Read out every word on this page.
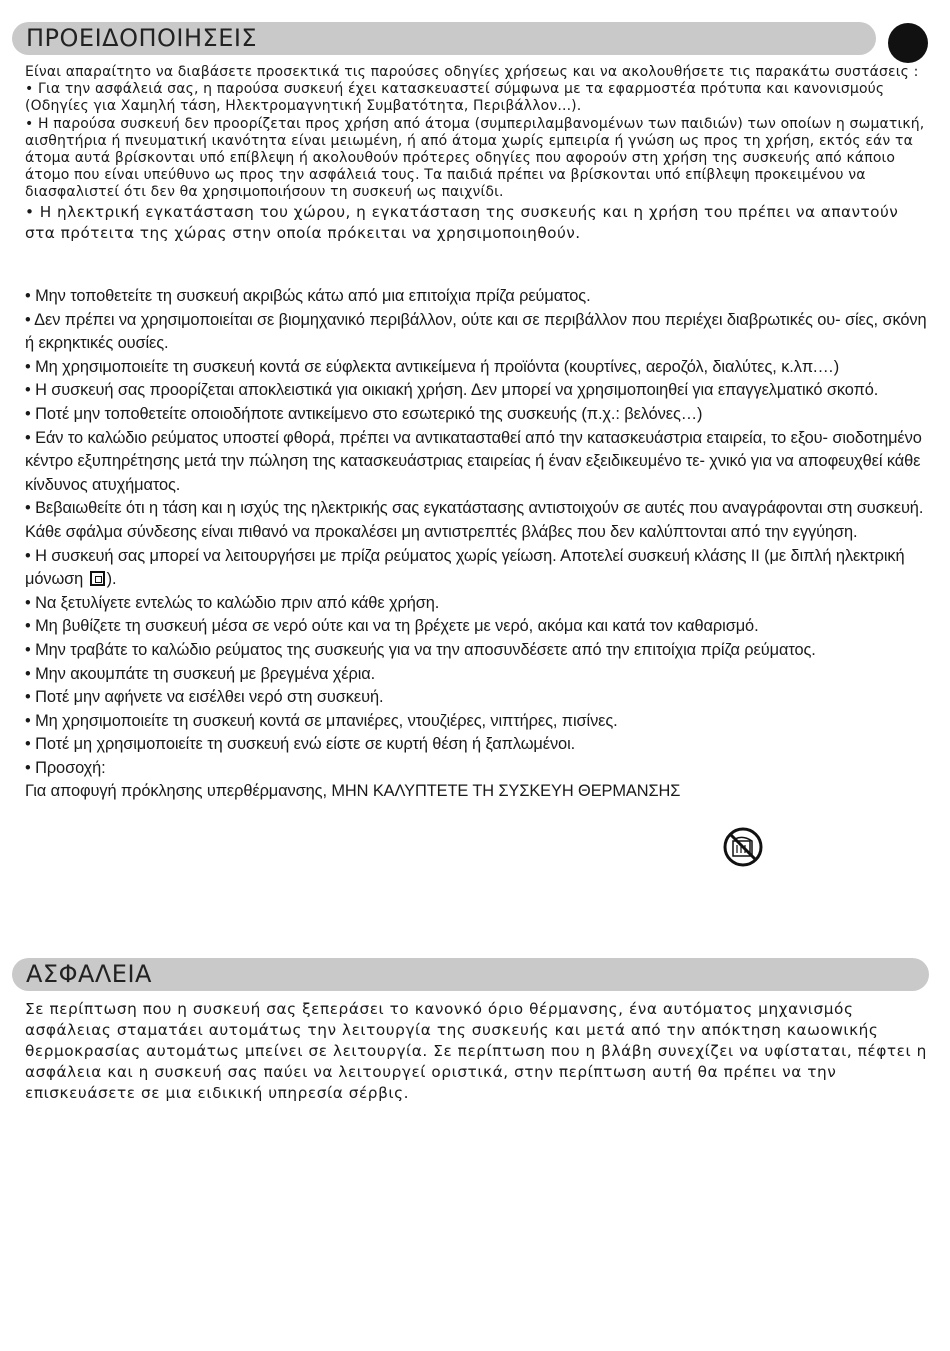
ΠΡΟΕΙΔΟΠΟΙΗΣΕΙΣ

Είναι απαραίτητο να διαβάσετε προσεκτικά τις παρούσες οδηγίες χρήσεως και να ακολουθήσετε τις παρακάτω συστάσεις :

• Για την ασφάλειά σας, η παρούσα συσκευή έχει κατασκευαστεί σύμφωνα με τα εφαρμοστέα πρότυπα και κανονισμούς (Οδηγίες για Χαμηλή τάση, Ηλεκτρομαγνητική Συμβατότητα, Περιβάλλον...).

• Η παρούσα συσκευή δεν προορίζεται προς χρήση από άτομα (συμπεριλαμβανομένων των παιδιών) των οποίων η σωματική, αισθητήρια ή πνευματική ικανότητα είναι μειωμένη, ή από άτομα χωρίς εμπειρία ή γνώση ως προς τη χρήση, εκτός εάν τα άτομα αυτά βρίσκονται υπό επίβλεψη ή ακολουθούν πρότερες οδηγίες που αφορούν στη χρήση της συσκευής από κάποιο άτομο που είναι υπεύθυνο ως προς την ασφάλειά τους. Τα παιδιά πρέπει να βρίσκονται υπό επίβλεψη προκειμένου να διασφαλιστεί ότι δεν θα χρησιμοποιήσουν τη συσκευή ως παιχνίδι.

• Η ηλεκτρική εγκατάσταση του χώρου, η εγκατάσταση της συσκευής και η χρήση του πρέπει να απαντούν στα πρότειτα της χώρας στην οποία πρόκειται να χρησιμοποιηθούν.

• Μην τοποθετείτε τη συσκευή ακριβώς κάτω από μια επιτοίχια πρίζα ρεύματος.

• Δεν πρέπει να χρησιμοποιείται σε βιομηχανικό περιβάλλον, ούτε και σε περιβάλλον που περιέχει διαβρωτικές ου- σίες, σκόνη ή εκρηκτικές ουσίες.

• Μη χρησιμοποιείτε τη συσκευή κοντά σε εύφλεκτα αντικείμενα ή προϊόντα (κουρτίνες, αεροζόλ, διαλύτες, κ.λπ.…)

• Η συσκευή σας προορίζεται αποκλειστικά για οικιακή χρήση. Δεν μπορεί να χρησιμοποιηθεί για επαγγελματικό σκοπό.

• Ποτέ μην τοποθετείτε οποιοδήποτε αντικείμενο στο εσωτερικό της συσκευής (π.χ.: βελόνες…)

• Εάν το καλώδιο ρεύματος υποστεί φθορά, πρέπει να αντικατασταθεί από την κατασκευάστρια εταιρεία, το εξου- σιοδοτημένο κέντρο εξυπηρέτησης μετά την πώληση της κατασκευάστριας εταιρείας ή έναν εξειδικευμένο τε- χνικό για να αποφευχθεί κάθε κίνδυνος ατυχήματος.

• Βεβαιωθείτε ότι η τάση και η ισχύς της ηλεκτρικής σας εγκατάστασης αντιστοιχούν σε αυτές που αναγράφονται στη συσκευή. Κάθε σφάλμα σύνδεσης είναι πιθανό να προκαλέσει μη αντιστρεπτές βλάβες που δεν καλύπτονται από την εγγύηση.

• Η συσκευή σας μπορεί να λειτουργήσει με πρίζα ρεύματος χωρίς γείωση. Αποτελεί συσκευή κλάσης ΙΙ (με διπλή ηλεκτρική μόνωση ).

• Να ξετυλίγετε εντελώς το καλώδιο πριν από κάθε χρήση.

• Μη βυθίζετε τη συσκευή μέσα σε νερό ούτε και να τη βρέχετε με νερό, ακόμα και κατά τον καθαρισμό.

• Μην τραβάτε το καλώδιο ρεύματος της συσκευής για να την αποσυνδέσετε από την επιτοίχια πρίζα ρεύματος.

• Μην ακουμπάτε τη συσκευή με βρεγμένα χέρια.

• Ποτέ μην αφήνετε να εισέλθει νερό στη συσκευή.

• Μη χρησιμοποιείτε τη συσκευή κοντά σε μπανιέρες, ντουζιέρες, νιπτήρες, πισίνες.

• Ποτέ μη χρησιμοποιείτε τη συσκευή ενώ είστε σε κυρτή θέση ή ξαπλωμένοι.

• Προσοχή:

Για αποφυγή πρόκλησης υπερθέρμανσης, ΜΗΝ ΚΑΛΥΠΤΕΤΕ ΤΗ ΣΥΣΚΕΥΗ ΘΕΡΜΑΝΣΗΣ

ΑΣΦΑΛΕΙΑ

Σε περίπτωση που η συσκευή σας ξεπεράσει το κανονκό όριο θέρμανσης, ένα αυτόματος μηχανισμός ασφάλειας σταματάει αυτομάτως την λειτουργία της συσκευής και μετά από την απόκτηση καωοwικής θερμοκρασίας αυτομάτως μπείνει σε λειτουργία. Σε περίπτωση που η βλάβη συνεχίζει να υφίσταται, πέφτει η ασφάλεια και η συσκευή σας παύει να λειτουργεί οριστικά, στην περίπτωση αυτή θα πρέπει να την επισκευάσετε σε μια ειδικική υπηρεσία σέρβις.
